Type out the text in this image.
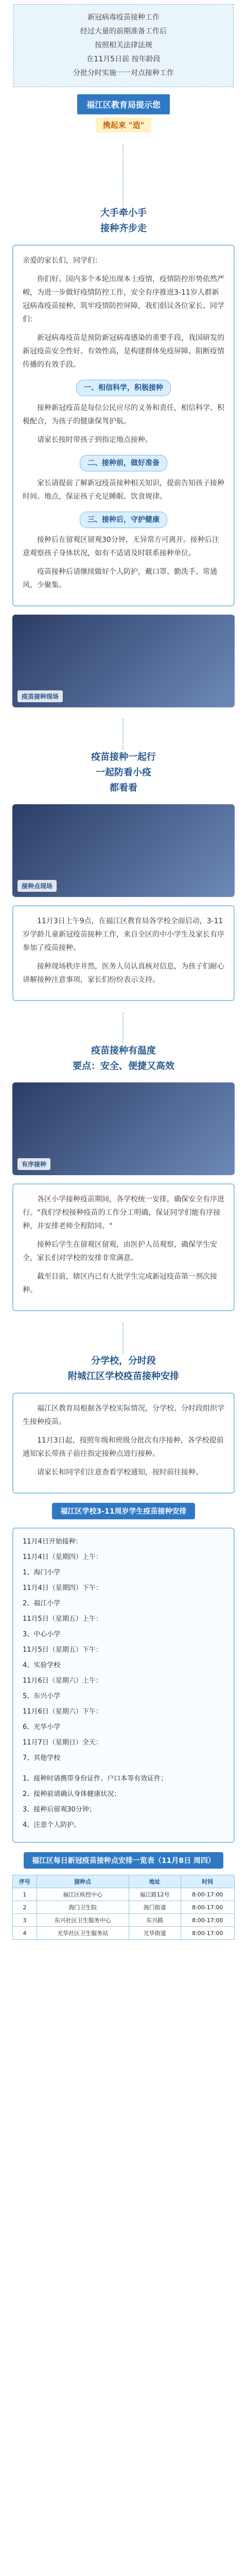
新冠病毒疫苗接种工作

经过大量的前期准备工作后

按照相关法律法规

在11月5日前 按年龄段

分批分时实施一一对点接种工作

福江区教育局提示您
携起来 "造"
大手牵小手
接种齐步走

亲爱的家长们，同学们：

你们好。国内多个本轮出现本土疫情，疫情防控形势依然严峻，为进一步做好疫情防控工作，安全有序推进3-11岁人群新冠病毒疫苗接种，筑牢疫情防控屏障，我们倡议各位家长、同学们：

新冠病毒疫苗是预防新冠病毒感染的重要手段，我国研发的新冠疫苗安全性好、有效性高，是构建群体免疫屏障、阻断疫情传播的有效手段。

一、相信科学，积极接种

接种新冠疫苗是每位公民应尽的义务和责任，相信科学、积极配合，为孩子的健康保驾护航。

请家长按时带孩子到指定地点接种。

二、接种前，做好准备

家长请提前了解新冠疫苗接种相关知识，提前告知孩子接种时间、地点，保证孩子充足睡眠、饮食规律。

三、接种后，守护健康

接种后在留观区留观30分钟，无异常方可离开。接种后注意观察孩子身体状况，如有不适请及时联系接种单位。

疫苗接种后请继续做好个人防护，戴口罩、勤洗手、常通风、少聚集。

疫苗接种现场
疫苗接种一起行
一起防看小疫
都看看
接种点现场

11月3日上午9点，在福江区教育局各学校全面启动，3-11岁学龄儿童新冠疫苗接种工作，来自全区的中小学生及家长有序参加了疫苗接种。

接种现场秩序井然，医务人员认真核对信息，为孩子们耐心讲解接种注意事项，家长们纷纷表示支持。

疫苗接种有温度
要点：安全、便捷又高效
有序接种

各区小学接种疫苗期间，各学校统一安排，确保安全有序进行。"我们学校接种疫苗的工作分工明确，保证同学们能有序接种，并安排老师全程陪同。"

接种后学生在留观区留观，由医护人员观察，确保学生安全，家长们对学校的安排非常满意。

截至目前，辖区内已有大批学生完成新冠疫苗第一剂次接种。

分学校，分时段
附城江区学校疫苗接种安排

福江区教育局根据各学校实际情况，分学校、分时段组织学生接种疫苗。

11月3日起，按照年级和班级分批次有序接种，各学校提前通知家长带孩子前往指定接种点进行接种。

请家长和同学们注意查看学校通知，按时前往接种。

福江区学校3-11周岁学生疫苗接种安排
11月4日开始接种：
11月4日（星期四）上午：
1、海门小学
11月4日（星期四）下午：
2、福江小学
11月5日（星期五）上午：
3、中心小学
11月5日（星期五）下午：
4、实验学校
11月6日（星期六）上午：
5、东兴小学
11月6日（星期六）下午：
6、光华小学
11月7日（星期日）全天：
7、其他学校
1、接种时请携带身份证件、户口本等有效证件；
2、接种前请确认身体健康状况；
3、接种后留观30分钟；
4、注意个人防护。
福江区每日新冠疫苗接种点安排一览表（11月8日 周四）
序号	接种点	地址	时间
1	福江区疾控中心	福江路12号	8:00-17:00
2	海门卫生院	海门街道	8:00-17:00
3	东兴社区卫生服务中心	东兴路	8:00-17:00
4	光华社区卫生服务站	光华街道	8:00-17:00
